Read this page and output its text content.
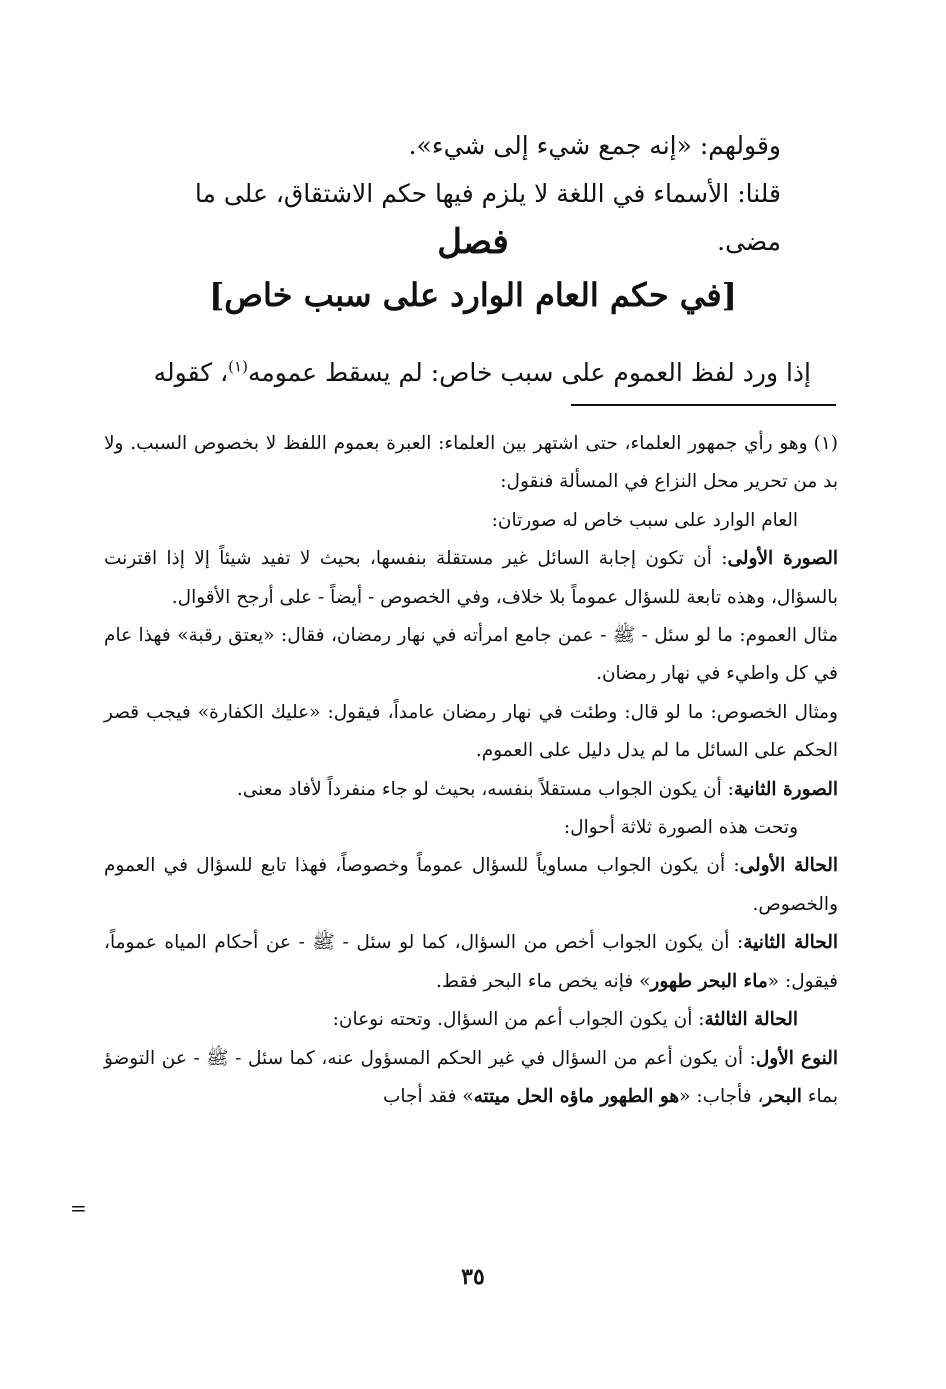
وقولهم: «إنه جمع شيء إلى شيء».

قلنا: الأسماء في اللغة لا يلزم فيها حكم الاشتقاق، على ما مضى.

فصل
[في حكم العام الوارد على سبب خاص]
إذا ورد لفظ العموم على سبب خاص: لم يسقط عمومه$^{(١)}$، كقوله

(١)وهو رأي جمهور العلماء، حتى اشتهر بين العلماء: العبرة بعموم اللفظ لا بخصوص السبب. ولا بد من تحرير محل النزاع في المسألة فنقول:

العام الوارد على سبب خاص له صورتان:

الصورة الأولى: أن تكون إجابة السائل غير مستقلة بنفسها، بحيث لا تفيد شيئاً إلا إذا اقترنت بالسؤال، وهذه تابعة للسؤال عموماً بلا خلاف، وفي الخصوص - أيضاً - على أرجح الأقوال.

مثال العموم: ما لو سئل - ﷺ - عمن جامع امرأته في نهار رمضان، فقال: «يعتق رقبة» فهذا عام في كل واطيء في نهار رمضان.

ومثال الخصوص: ما لو قال: وطئت في نهار رمضان عامداً، فيقول: «عليك الكفارة» فيجب قصر الحكم على السائل ما لم يدل دليل على العموم.

الصورة الثانية: أن يكون الجواب مستقلاً بنفسه، بحيث لو جاء منفرداً لأفاد معنى.

وتحت هذه الصورة ثلاثة أحوال:

الحالة الأولى: أن يكون الجواب مساوياً للسؤال عموماً وخصوصاً، فهذا تابع للسؤال في العموم والخصوص.

الحالة الثانية: أن يكون الجواب أخص من السؤال، كما لو سئل - ﷺ - عن أحكام المياه عموماً، فيقول: «ماء البحر طهور» فإنه يخص ماء البحر فقط.

الحالة الثالثة: أن يكون الجواب أعم من السؤال. وتحته نوعان:

النوع الأول: أن يكون أعم من السؤال في غير الحكم المسؤول عنه، كما سئل - ﷺ - عن التوضؤ بماء البحر، فأجاب: «هو الطهور ماؤه الحل ميتته» فقد أجاب

=
٣٥
